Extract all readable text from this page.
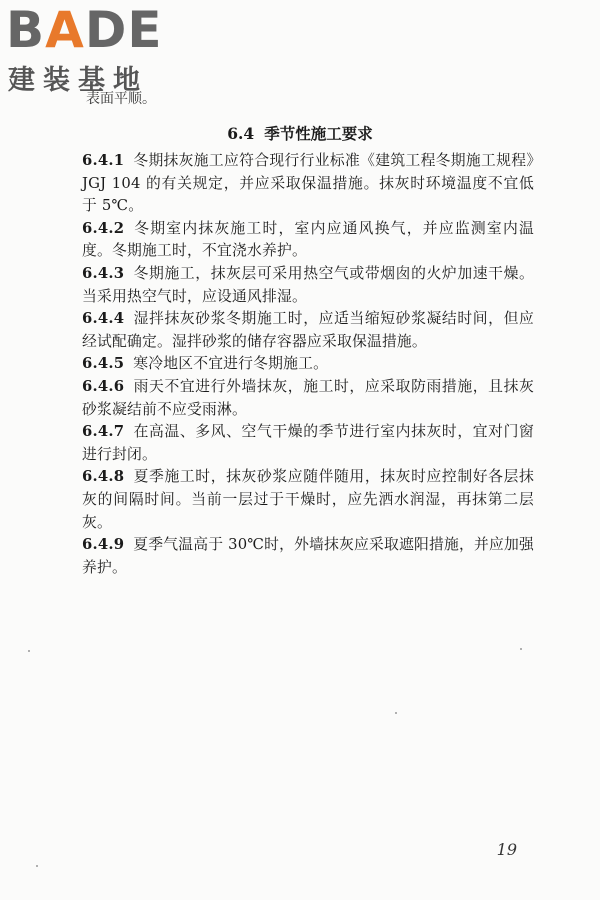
BADE
建装基地
表面平顺。
6.4 季节性施工要求

6.4.1 冬期抹灰施工应符合现行行业标准《建筑工程冬期施工规程》JGJ 104 的有关规定，并应采取保温措施。抹灰时环境温度不宜低于 5℃。

6.4.2 冬期室内抹灰施工时，室内应通风换气，并应监测室内温度。冬期施工时，不宜浇水养护。

6.4.3 冬期施工，抹灰层可采用热空气或带烟囱的火炉加速干燥。当采用热空气时，应设通风排湿。

6.4.4 湿拌抹灰砂浆冬期施工时，应适当缩短砂浆凝结时间，但应经试配确定。湿拌砂浆的储存容器应采取保温措施。

6.4.5 寒冷地区不宜进行冬期施工。

6.4.6 雨天不宜进行外墙抹灰，施工时，应采取防雨措施，且抹灰砂浆凝结前不应受雨淋。

6.4.7 在高温、多风、空气干燥的季节进行室内抹灰时，宜对门窗进行封闭。

6.4.8 夏季施工时，抹灰砂浆应随伴随用，抹灰时应控制好各层抹灰的间隔时间。当前一层过于干燥时，应先洒水润湿，再抹第二层灰。

6.4.9 夏季气温高于 30℃时，外墙抹灰应采取遮阳措施，并应加强养护。

19
